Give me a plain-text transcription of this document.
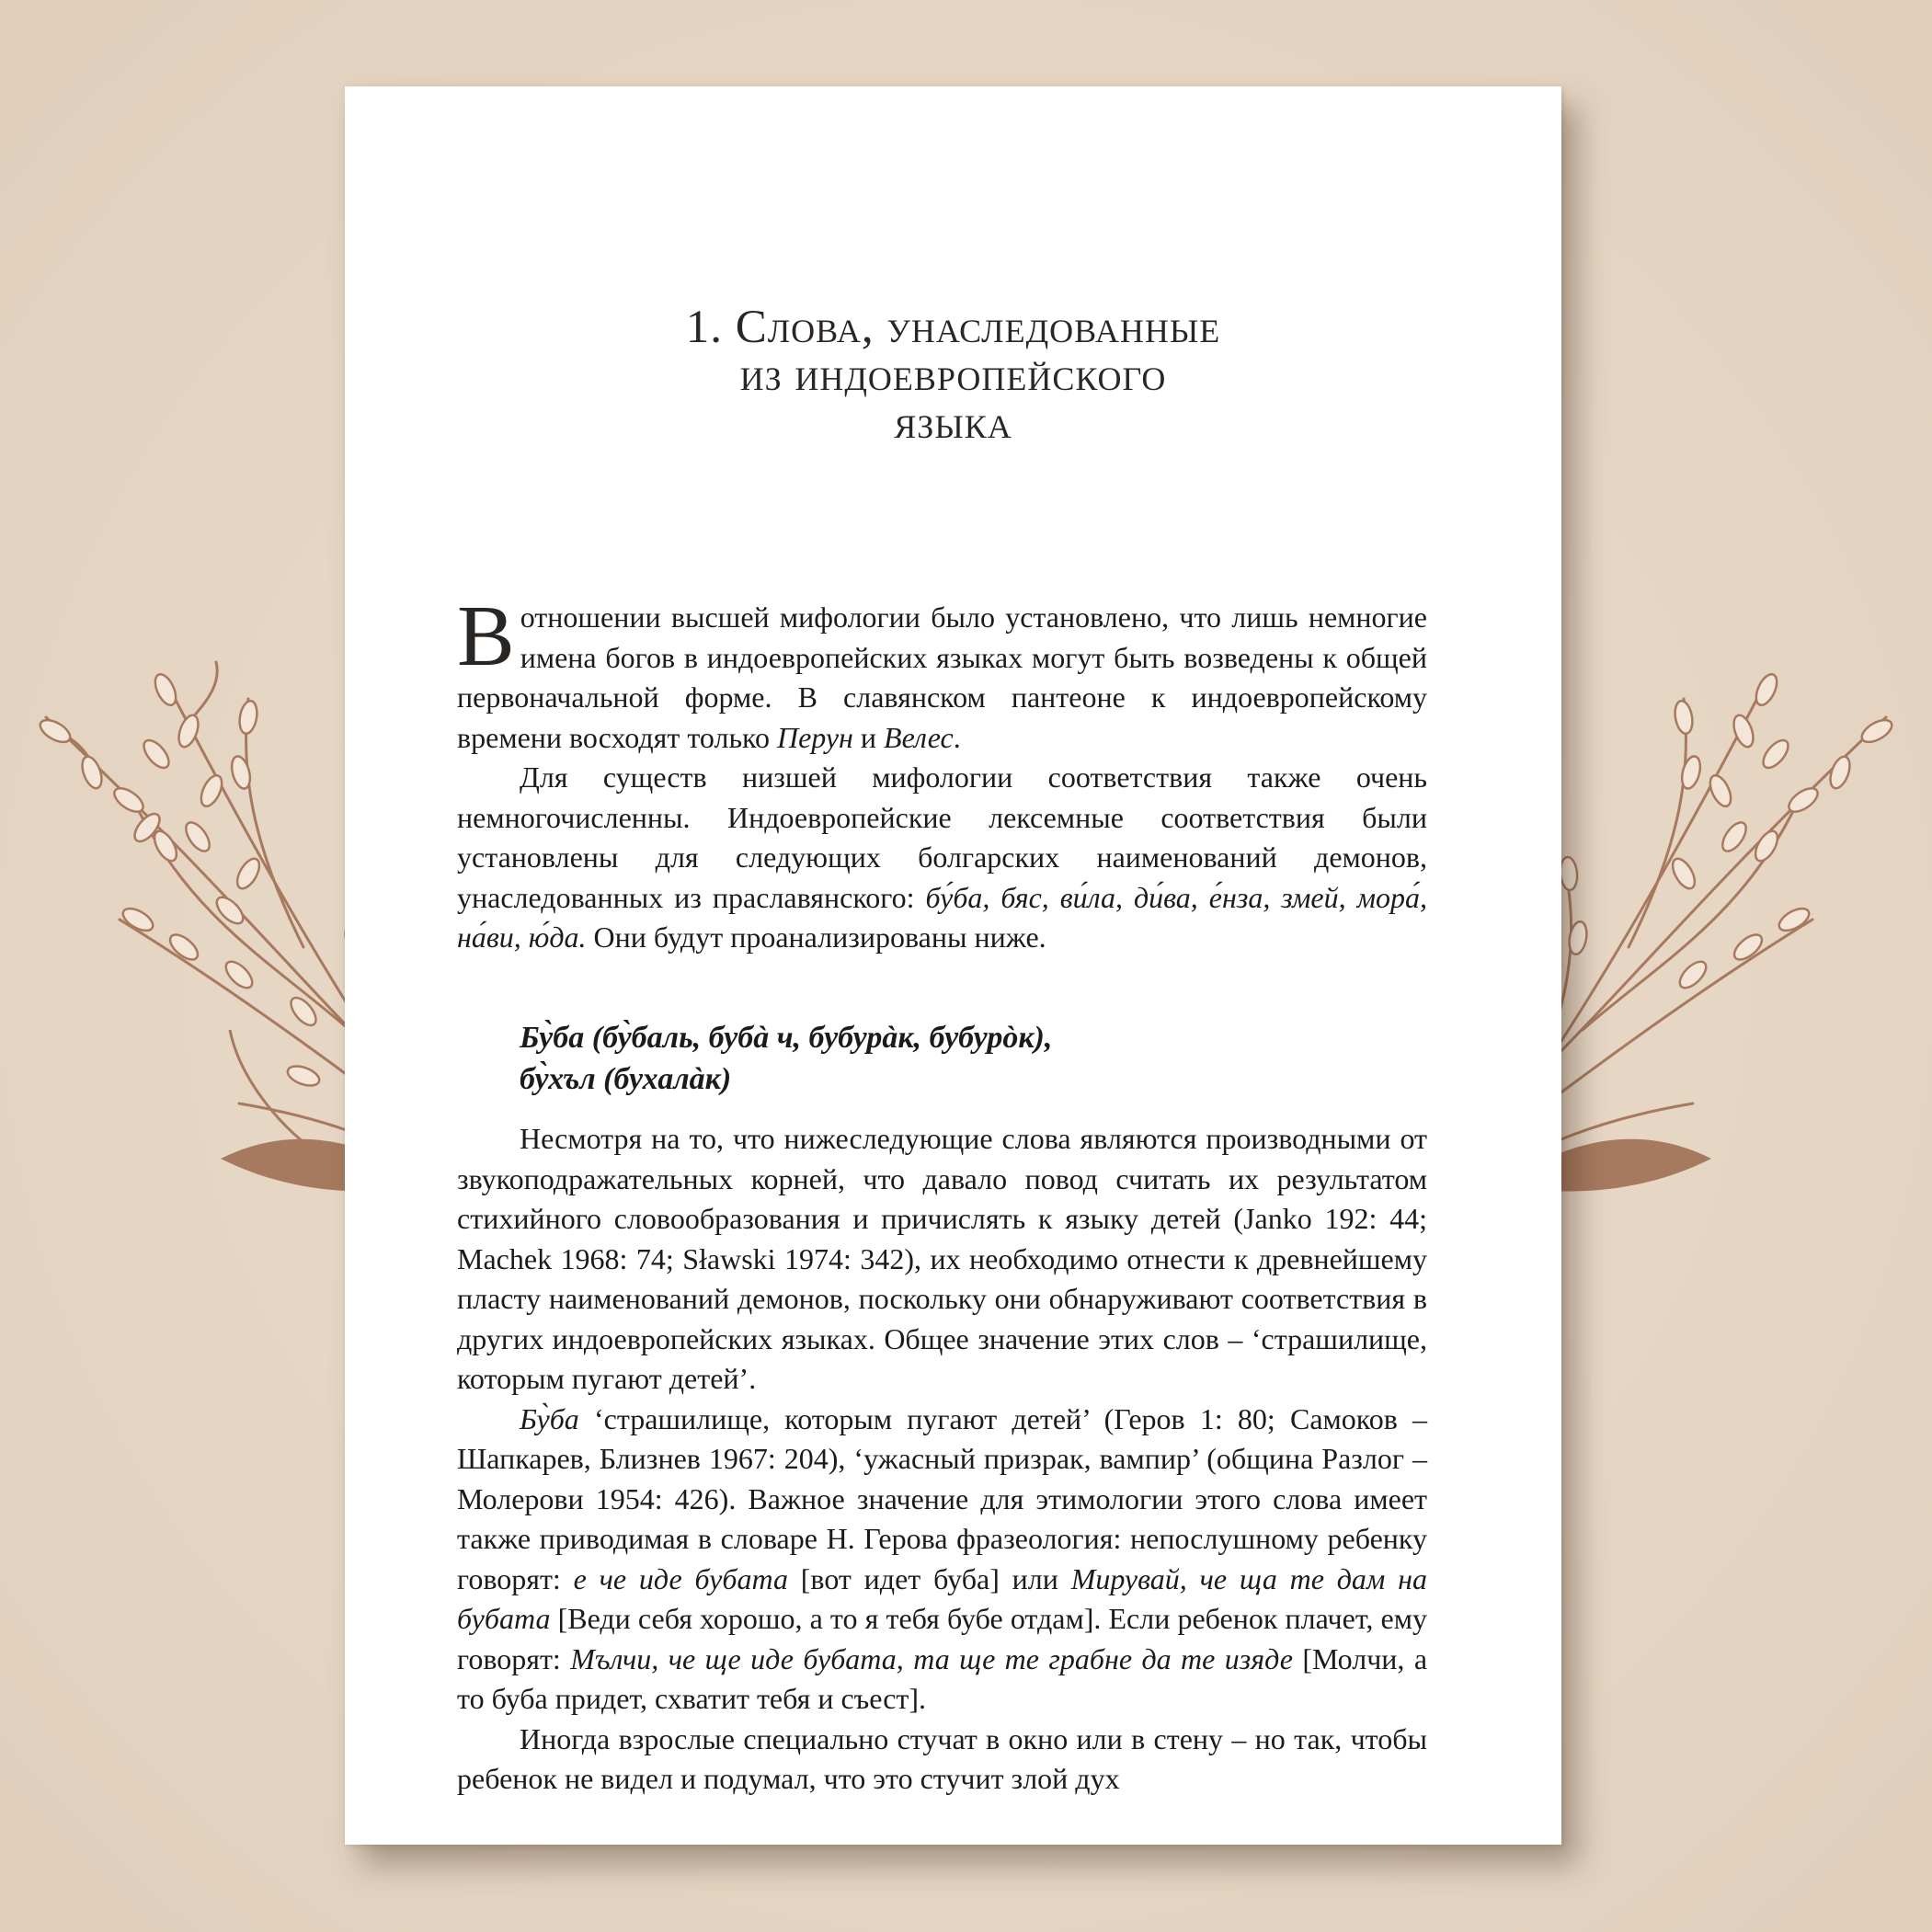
1. Слова, унаследованные
из индоевропейского
языка

В отношении высшей мифологии было установлено, что лишь немногие имена богов в индоевропейских языках могут быть возведены к общей первоначальной форме. В славянском пантеоне к индоевропейскому времени восходят только Перун и Велес.

Для существ низшей мифологии соответствия также очень немногочисленны. Индоевропейские лексемные соответствия были установлены для следующих болгарских наименований демонов, унаследованных из праславянского: бу́ба, бяс, ви́ла, ди́ва, е́нза, змей, мора́, на́ви, ю́да. Они будут проанализированы ниже.

Бу̀ба (бу̀баль, бубà ч, бубурàк, бубурòк),
бу̀хъл (бухалàк)

Несмотря на то, что нижеследующие слова являются производными от звукоподражательных корней, что давало повод считать их результатом стихийного словообразования и причислять к языку детей (Janko 192: 44; Machek 1968: 74; Sławski 1974: 342), их необходимо отнести к древнейшему пласту наименований демонов, поскольку они обнаруживают соответствия в других индоевропейских языках. Общее значение этих слов – ‘страшилище, которым пугают детей’.

Бу̀ба ‘страшилище, которым пугают детей’ (Геров 1: 80; Самоков – Шапкарев, Близнев 1967: 204), ‘ужасный призрак, вампир’ (община Разлог – Молерови 1954: 426). Важное значение для этимологии этого слова имеет также приводимая в словаре Н. Герова фразеология: непослушному ребенку говорят: е че иде бубата [вот идет буба] или Мирувай, че ща те дам на бубата [Веди себя хорошо, а то я тебя бубе отдам]. Если ребенок плачет, ему говорят: Мълчи, че ще иде бубата, та ще те грабне да те изяде [Молчи, а то буба придет, схватит тебя и съест].

Иногда взрослые специально стучат в окно или в стену – но так, чтобы ребенок не видел и подумал, что это стучит злой дух
